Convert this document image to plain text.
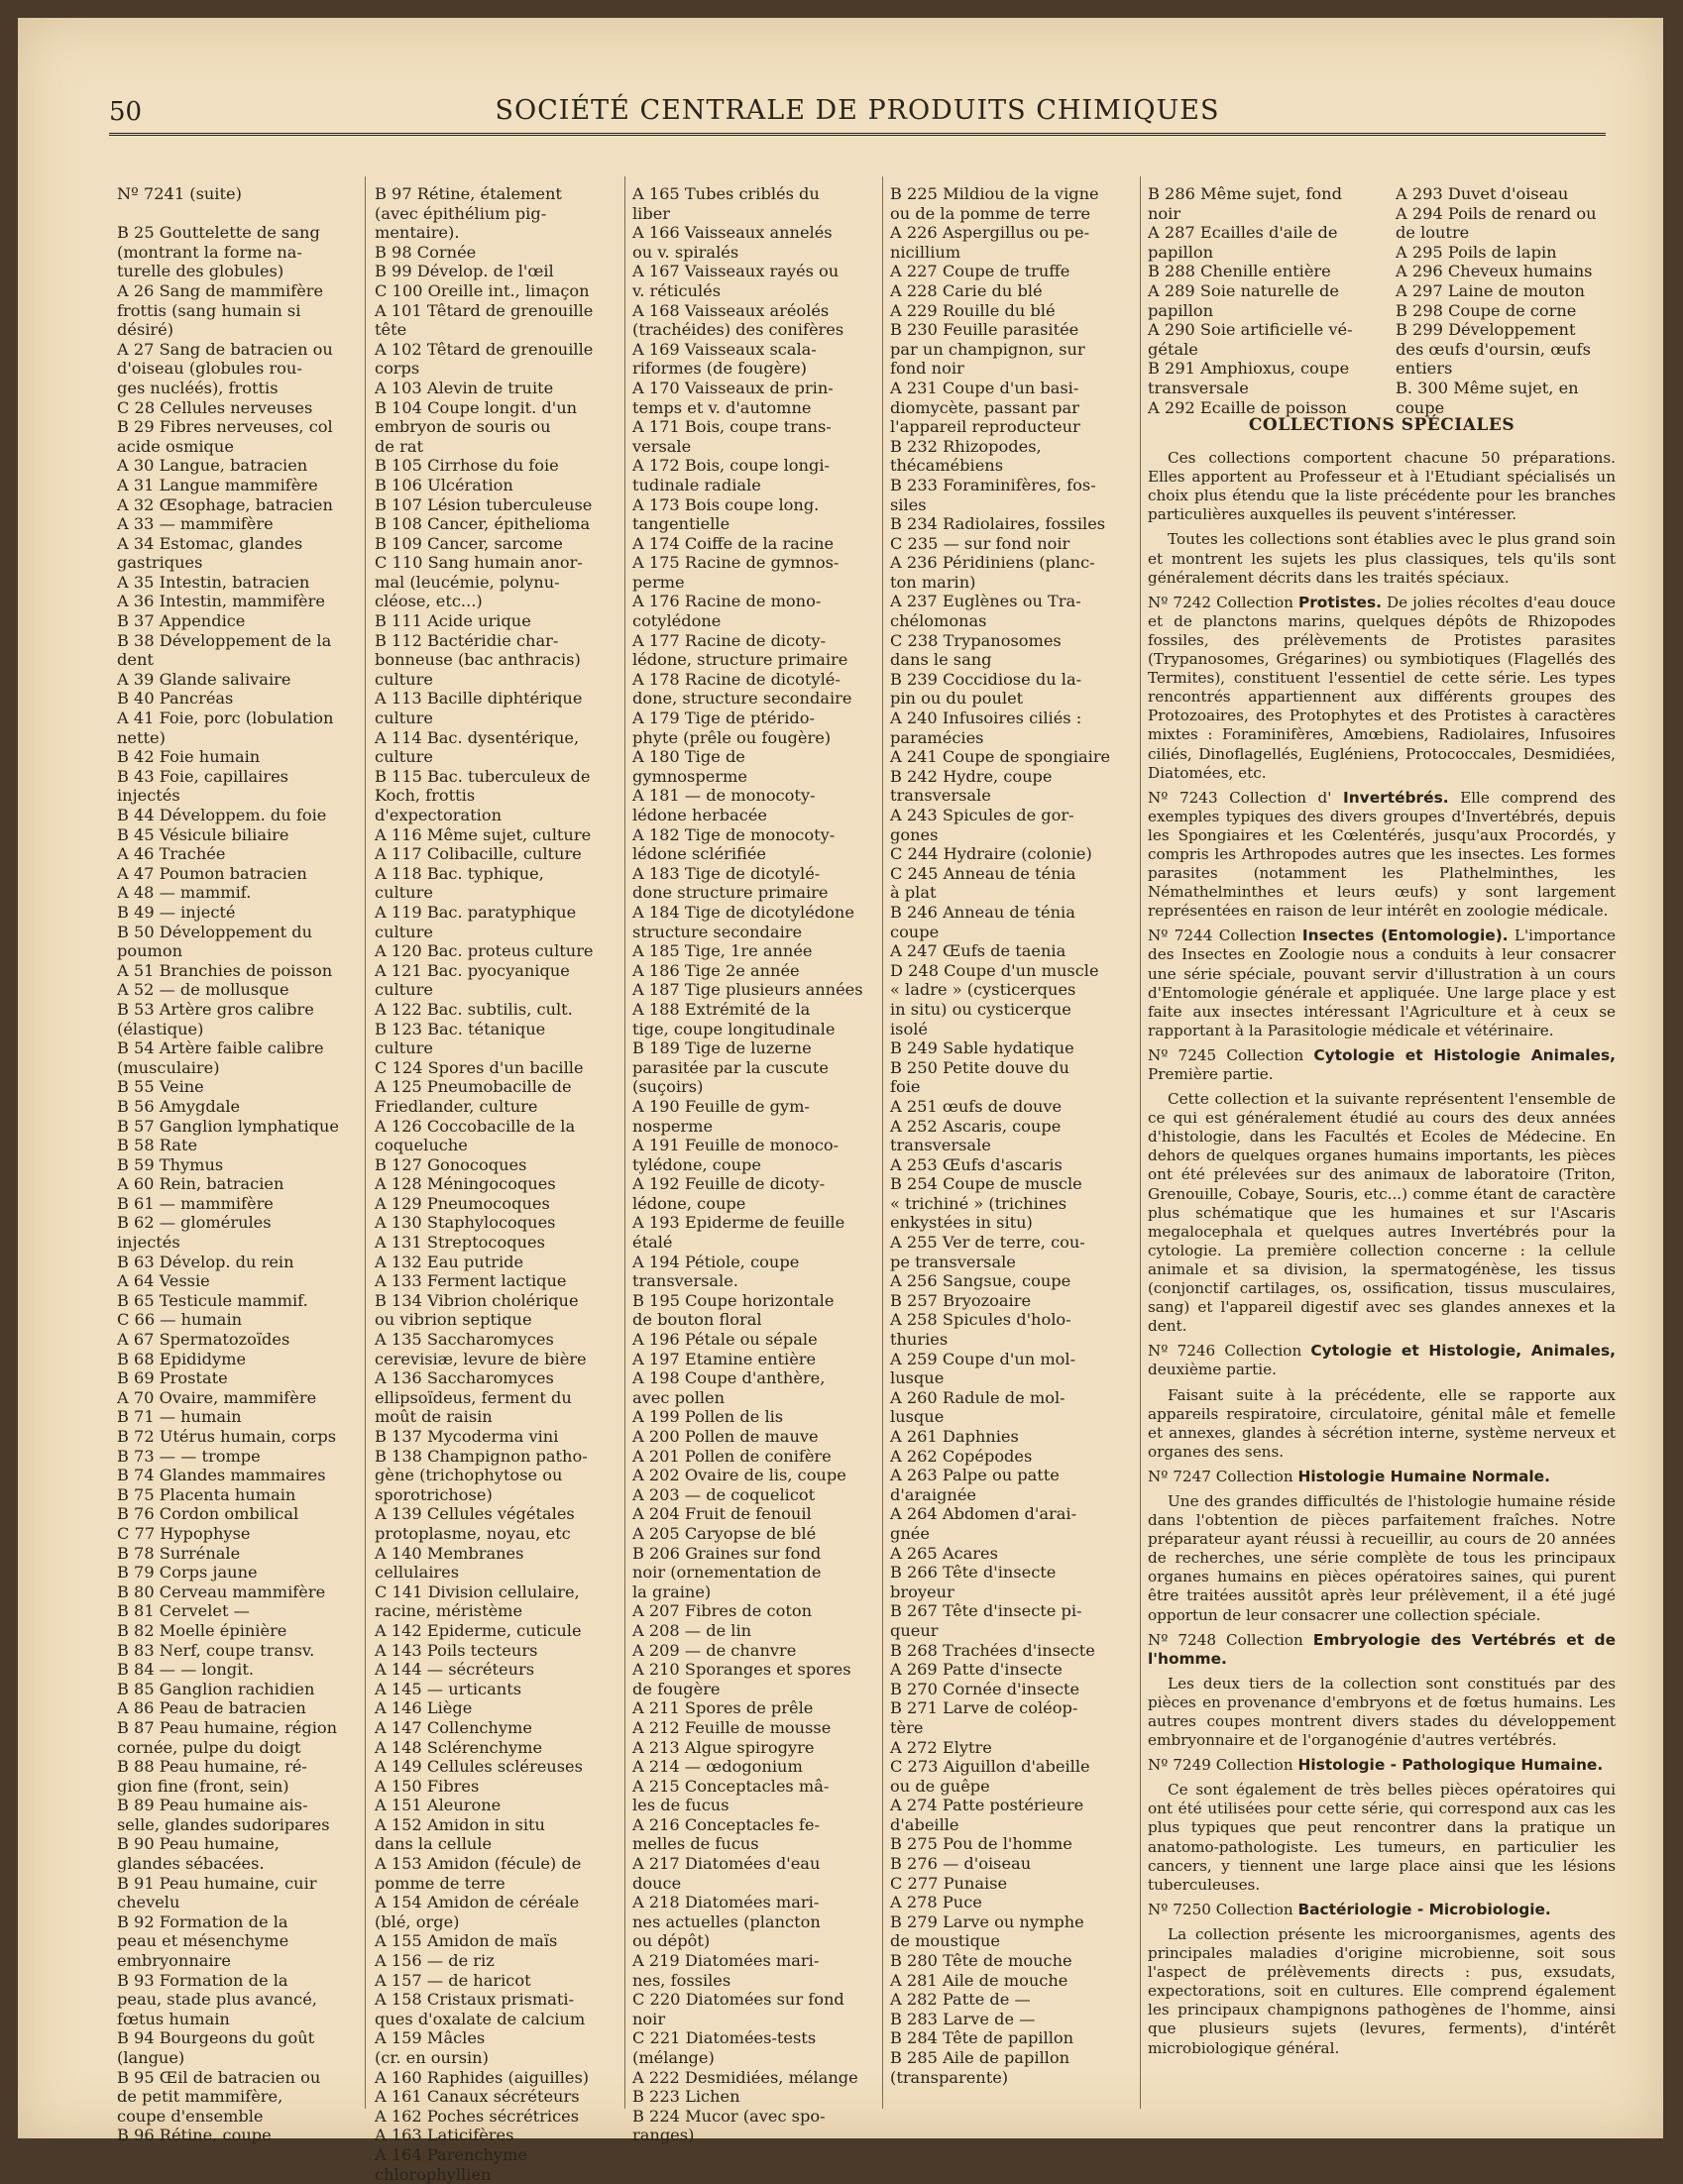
50	SOCIÉTÉ CENTRALE DE PRODUITS CHIMIQUES
Nº 7241 (suite)

B 25 Gouttelette de sang
(montrant la forme na-
turelle des globules)
A 26 Sang de mammifère
frottis (sang humain si
désiré)
A 27 Sang de batracien ou
d'oiseau (globules rou-
ges nucléés), frottis
C 28 Cellules nerveuses
B 29 Fibres nerveuses, col
acide osmique
A 30 Langue, batracien
A 31 Langue mammifère
A 32 Œsophage, batracien
A 33 — mammifère
A 34 Estomac, glandes
gastriques
A 35 Intestin, batracien
A 36 Intestin, mammifère
B 37 Appendice
B 38 Développement de la
dent
A 39 Glande salivaire
B 40 Pancréas
A 41 Foie, porc (lobulation
nette)
B 42 Foie humain
B 43 Foie, capillaires
injectés
B 44 Développem. du foie
B 45 Vésicule biliaire
A 46 Trachée
A 47 Poumon batracien
A 48 — mammif.
B 49 — injecté
B 50 Développement du
poumon
A 51 Branchies de poisson
A 52 — de mollusque
B 53 Artère gros calibre
(élastique)
B 54 Artère faible calibre
(musculaire)
B 55 Veine
B 56 Amygdale
B 57 Ganglion lymphatique
B 58 Rate
B 59 Thymus
A 60 Rein, batracien
B 61 — mammifère
B 62 — glomérules
injectés
B 63 Dévelop. du rein
A 64 Vessie
B 65 Testicule mammif.
C 66 — humain
A 67 Spermatozoïdes
B 68 Epididyme
B 69 Prostate
A 70 Ovaire, mammifère
B 71 — humain
B 72 Utérus humain, corps
B 73 — — trompe
B 74 Glandes mammaires
B 75 Placenta humain
B 76 Cordon ombilical
C 77 Hypophyse
B 78 Surrénale
B 79 Corps jaune
B 80 Cerveau mammifère
B 81 Cervelet —
B 82 Moelle épinière
B 83 Nerf, coupe transv.
B 84 — — longit.
B 85 Ganglion rachidien
A 86 Peau de batracien
B 87 Peau humaine, région
cornée, pulpe du doigt
B 88 Peau humaine, ré-
gion fine (front, sein)
B 89 Peau humaine ais-
selle, glandes sudoripares
B 90 Peau humaine,
glandes sébacées.
B 91 Peau humaine, cuir
chevelu
B 92 Formation de la
peau et mésenchyme
embryonnaire
B 93 Formation de la
peau, stade plus avancé,
fœtus humain
B 94 Bourgeons du goût
(langue)
B 95 Œil de batracien ou
de petit mammifère,
coupe d'ensemble
B 96 Rétine, coupe
B 97 Rétine, étalement
(avec épithélium pig-
mentaire).
B 98 Cornée
B 99 Dévelop. de l'œil
C 100 Oreille int., limaçon
A 101 Têtard de grenouille
tête
A 102 Têtard de grenouille
corps
A 103 Alevin de truite
B 104 Coupe longit. d'un
embryon de souris ou
de rat
B 105 Cirrhose du foie
B 106 Ulcération
B 107 Lésion tuberculeuse
B 108 Cancer, épithelioma
B 109 Cancer, sarcome
C 110 Sang humain anor-
mal (leucémie, polynu-
cléose, etc...)
B 111 Acide urique
B 112 Bactéridie char-
bonneuse (bac anthracis)
culture
A 113 Bacille diphtérique
culture
A 114 Bac. dysentérique,
culture
B 115 Bac. tuberculeux de
Koch, frottis
d'expectoration
A 116 Même sujet, culture
A 117 Colibacille, culture
A 118 Bac. typhique,
culture
A 119 Bac. paratyphique
culture
A 120 Bac. proteus culture
A 121 Bac. pyocyanique
culture
A 122 Bac. subtilis, cult.
B 123 Bac. tétanique
culture
C 124 Spores d'un bacille
A 125 Pneumobacille de
Friedlander, culture
A 126 Coccobacille de la
coqueluche
B 127 Gonocoques
A 128 Méningocoques
A 129 Pneumocoques
A 130 Staphylocoques
A 131 Streptocoques
A 132 Eau putride
A 133 Ferment lactique
B 134 Vibrion cholérique
ou vibrion septique
A 135 Saccharomyces
cerevisiæ, levure de bière
A 136 Saccharomyces
ellipsoïdeus, ferment du
moût de raisin
B 137 Mycoderma vini
B 138 Champignon patho-
gène (trichophytose ou
sporotrichose)
A 139 Cellules végétales
protoplasme, noyau, etc
A 140 Membranes
cellulaires
C 141 Division cellulaire,
racine, méristème
A 142 Epiderme, cuticule
A 143 Poils tecteurs
A 144 — sécréteurs
A 145 — urticants
A 146 Liège
A 147 Collenchyme
A 148 Sclérenchyme
A 149 Cellules scléreuses
A 150 Fibres
A 151 Aleurone
A 152 Amidon in situ
dans la cellule
A 153 Amidon (fécule) de
pomme de terre
A 154 Amidon de céréale
(blé, orge)
A 155 Amidon de maïs
A 156 — de riz
A 157 — de haricot
A 158 Cristaux prismati-
ques d'oxalate de calcium
A 159 Mâcles
(cr. en oursin)
A 160 Raphides (aiguilles)
A 161 Canaux sécréteurs
A 162 Poches sécrétrices
A 163 Laticifères
A 164 Parenchyme
chlorophyllien
A 165 Tubes criblés du
liber
A 166 Vaisseaux annelés
ou v. spiralés
A 167 Vaisseaux rayés ou
v. réticulés
A 168 Vaisseaux aréolés
(trachéides) des conifères
A 169 Vaisseaux scala-
riformes (de fougère)
A 170 Vaisseaux de prin-
temps et v. d'automne
A 171 Bois, coupe trans-
versale
A 172 Bois, coupe longi-
tudinale radiale
A 173 Bois coupe long.
tangentielle
A 174 Coiffe de la racine
A 175 Racine de gymnos-
perme
A 176 Racine de mono-
cotylédone
A 177 Racine de dicoty-
lédone, structure primaire
A 178 Racine de dicotylé-
done, structure secondaire
A 179 Tige de ptérido-
phyte (prêle ou fougère)
A 180 Tige de
gymnosperme
A 181 — de monocoty-
lédone herbacée
A 182 Tige de monocoty-
lédone sclérifiée
A 183 Tige de dicotylé-
done structure primaire
A 184 Tige de dicotylédone
structure secondaire
A 185 Tige, 1re année
A 186 Tige 2e année
A 187 Tige plusieurs années
A 188 Extrémité de la
tige, coupe longitudinale
B 189 Tige de luzerne
parasitée par la cuscute
(suçoirs)
A 190 Feuille de gym-
nosperme
A 191 Feuille de monoco-
tylédone, coupe
A 192 Feuille de dicoty-
lédone, coupe
A 193 Epiderme de feuille
étalé
A 194 Pétiole, coupe
transversale.
B 195 Coupe horizontale
de bouton floral
A 196 Pétale ou sépale
A 197 Etamine entière
A 198 Coupe d'anthère,
avec pollen
A 199 Pollen de lis
A 200 Pollen de mauve
A 201 Pollen de conifère
A 202 Ovaire de lis, coupe
A 203 — de coquelicot
A 204 Fruit de fenouil
A 205 Caryopse de blé
B 206 Graines sur fond
noir (ornementation de
la graine)
A 207 Fibres de coton
A 208 — de lin
A 209 — de chanvre
A 210 Sporanges et spores
de fougère
A 211 Spores de prêle
A 212 Feuille de mousse
A 213 Algue spirogyre
A 214 — œdogonium
A 215 Conceptacles mâ-
les de fucus
A 216 Conceptacles fe-
melles de fucus
A 217 Diatomées d'eau
douce
A 218 Diatomées mari-
nes actuelles (plancton
ou dépôt)
A 219 Diatomées mari-
nes, fossiles
C 220 Diatomées sur fond
noir
C 221 Diatomées-tests
(mélange)
A 222 Desmidiées, mélange
B 223 Lichen
B 224 Mucor (avec spo-
ranges)
B 225 Mildiou de la vigne
ou de la pomme de terre
A 226 Aspergillus ou pe-
nicillium
A 227 Coupe de truffe
A 228 Carie du blé
A 229 Rouille du blé
B 230 Feuille parasitée
par un champignon, sur
fond noir
A 231 Coupe d'un basi-
diomycète, passant par
l'appareil reproducteur
B 232 Rhizopodes,
thécamébiens
B 233 Foraminifères, fos-
siles
B 234 Radiolaires, fossiles
C 235 — sur fond noir
A 236 Péridiniens (planc-
ton marin)
A 237 Euglènes ou Tra-
chélomonas
C 238 Trypanosomes
dans le sang
B 239 Coccidiose du la-
pin ou du poulet
A 240 Infusoires ciliés :
paramécies
A 241 Coupe de spongiaire
B 242 Hydre, coupe
transversale
A 243 Spicules de gor-
gones
C 244 Hydraire (colonie)
C 245 Anneau de ténia
à plat
B 246 Anneau de ténia
coupe
A 247 Œufs de taenia
D 248 Coupe d'un muscle
« ladre » (cysticerques
in situ) ou cysticerque
isolé
B 249 Sable hydatique
B 250 Petite douve du
foie
A 251 œufs de douve
A 252 Ascaris, coupe
transversale
A 253 Œufs d'ascaris
B 254 Coupe de muscle
« trichiné » (trichines
enkystées in situ)
A 255 Ver de terre, cou-
pe transversale
A 256 Sangsue, coupe
B 257 Bryozoaire
A 258 Spicules d'holo-
thuries
A 259 Coupe d'un mol-
lusque
A 260 Radule de mol-
lusque
A 261 Daphnies
A 262 Copépodes
A 263 Palpe ou patte
d'araignée
A 264 Abdomen d'arai-
gnée
A 265 Acares
B 266 Tête d'insecte
broyeur
B 267 Tête d'insecte pi-
queur
B 268 Trachées d'insecte
A 269 Patte d'insecte
B 270 Cornée d'insecte
B 271 Larve de coléop-
tère
A 272 Elytre
C 273 Aiguillon d'abeille
ou de guêpe
A 274 Patte postérieure
d'abeille
B 275 Pou de l'homme
B 276 — d'oiseau
C 277 Punaise
A 278 Puce
B 279 Larve ou nymphe
de moustique
B 280 Tête de mouche
A 281 Aile de mouche
A 282 Patte de —
B 283 Larve de —
B 284 Tête de papillon
B 285 Aile de papillon
(transparente)
B 286 Même sujet, fond
noir
A 287 Ecailles d'aile de
papillon
B 288 Chenille entière
A 289 Soie naturelle de
papillon
A 290 Soie artificielle vé-
gétale
B 291 Amphioxus, coupe
transversale
A 292 Ecaille de poisson
A 293 Duvet d'oiseau
A 294 Poils de renard ou
de loutre
A 295 Poils de lapin
A 296 Cheveux humains
A 297 Laine de mouton
B 298 Coupe de corne
B 299 Développement
des œufs d'oursin, œufs
entiers
B. 300 Même sujet, en
coupe

COLLECTIONS SPÉCIALES

Ces collections comportent chacune 50 préparations. Elles apportent au Professeur et à l'Etudiant spécialisés un choix plus étendu que la liste précédente pour les branches particulières auxquelles ils peuvent s'intéresser.

Toutes les collections sont établies avec le plus grand soin et montrent les sujets les plus classiques, tels qu'ils sont généralement décrits dans les traités spéciaux.

Nº 7242 Collection Protistes. De jolies récoltes d'eau douce et de planctons marins, quelques dépôts de Rhizopodes fossiles, des prélèvements de Protistes parasites (Trypanosomes, Grégarines) ou symbiotiques (Flagellés des Termites), constituent l'essentiel de cette série. Les types rencontrés appartiennent aux différents groupes des Protozoaires, des Protophytes et des Protistes à caractères mixtes : Foraminifères, Amœbiens, Radiolaires, Infusoires ciliés, Dinoflagellés, Eugléniens, Protococcales, Desmidiées, Diatomées, etc.

Nº 7243 Collection d' Invertébrés. Elle comprend des exemples typiques des divers groupes d'Invertébrés, depuis les Spongiaires et les Cœlentérés, jusqu'aux Procordés, y compris les Arthropodes autres que les insectes. Les formes parasites (notamment les Plathelminthes, les Némathelminthes et leurs œufs) y sont largement représentées en raison de leur intérêt en zoologie médicale.

Nº 7244 Collection Insectes (Entomologie). L'importance des Insectes en Zoologie nous a conduits à leur consacrer une série spéciale, pouvant servir d'illustration à un cours d'Entomologie générale et appliquée. Une large place y est faite aux insectes intéressant l'Agriculture et à ceux se rapportant à la Parasitologie médicale et vétérinaire.

Nº 7245 Collection Cytologie et Histologie Animales, Première partie.

Cette collection et la suivante représentent l'ensemble de ce qui est généralement étudié au cours des deux années d'histologie, dans les Facultés et Ecoles de Médecine. En dehors de quelques organes humains importants, les pièces ont été prélevées sur des animaux de laboratoire (Triton, Grenouille, Cobaye, Souris, etc...) comme étant de caractère plus schématique que les humaines et sur l'Ascaris megalocephala et quelques autres Invertébrés pour la cytologie. La première collection concerne : la cellule animale et sa division, la spermatogénèse, les tissus (conjonctif cartilages, os, ossification, tissus musculaires, sang) et l'appareil digestif avec ses glandes annexes et la dent.

Nº 7246 Collection Cytologie et Histologie, Animales, deuxième partie.

Faisant suite à la précédente, elle se rapporte aux appareils respiratoire, circulatoire, génital mâle et femelle et annexes, glandes à sécrétion interne, système nerveux et organes des sens.

Nº 7247 Collection Histologie Humaine Normale.

Une des grandes difficultés de l'histologie humaine réside dans l'obtention de pièces parfaitement fraîches. Notre préparateur ayant réussi à recueillir, au cours de 20 années de recherches, une série complète de tous les principaux organes humains en pièces opératoires saines, qui purent être traitées aussitôt après leur prélèvement, il a été jugé opportun de leur consacrer une collection spéciale.

Nº 7248 Collection Embryologie des Vertébrés et de l'homme.

Les deux tiers de la collection sont constitués par des pièces en provenance d'embryons et de fœtus humains. Les autres coupes montrent divers stades du développement embryonnaire et de l'organogénie d'autres vertébrés.

Nº 7249 Collection Histologie - Pathologique Humaine.

Ce sont également de très belles pièces opératoires qui ont été utilisées pour cette série, qui correspond aux cas les plus typiques que peut rencontrer dans la pratique un anatomo-pathologiste. Les tumeurs, en particulier les cancers, y tiennent une large place ainsi que les lésions tuberculeuses.

Nº 7250 Collection Bactériologie - Microbiologie.

La collection présente les microorganismes, agents des principales maladies d'origine microbienne, soit sous l'aspect de prélèvements directs : pus, exsudats, expectorations, soit en cultures. Elle comprend également les principaux champignons pathogènes de l'homme, ainsi que plusieurs sujets (levures, ferments), d'intérêt microbiologique général.
